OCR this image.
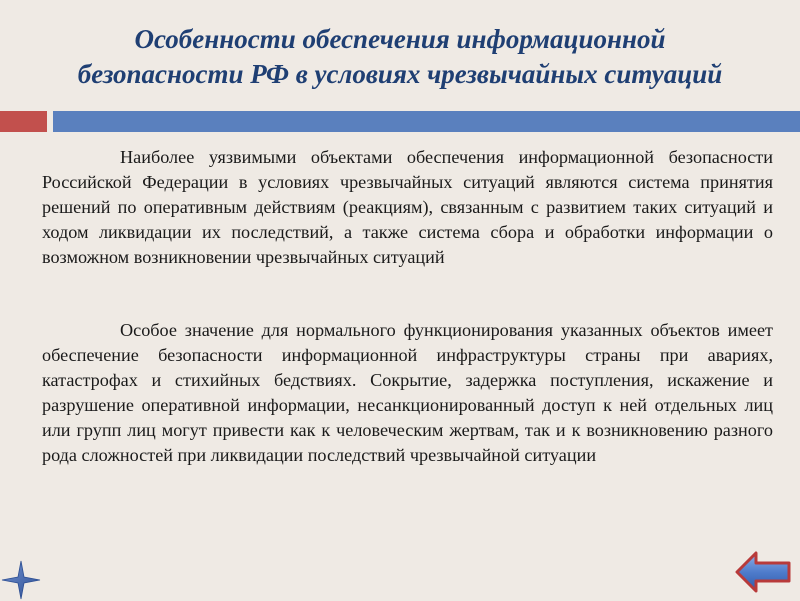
Особенности обеспечения информационной
безопасности РФ в условиях чрезвычайных ситуаций

Наиболее уязвимыми объектами обеспечения информационной безопасности Российской Федерации в условиях чрезвычайных ситуаций являются система принятия решений по оперативным действиям (реакциям), связанным с развитием таких ситуаций и ходом ликвидации их последствий, а также система сбора и обработки информации о возможном возникновении чрезвычайных ситуаций

Особое значение для нормального функционирования указанных объектов имеет обеспечение безопасности информационной инфраструктуры страны при авариях, катастрофах и стихийных бедствиях. Сокрытие, задержка поступления, искажение и разрушение оперативной информации, несанкционированный доступ к ней отдельных лиц или групп лиц могут привести как к человеческим жертвам, так и к возникновению разного рода сложностей при ликвидации последствий чрезвычайной ситуации
